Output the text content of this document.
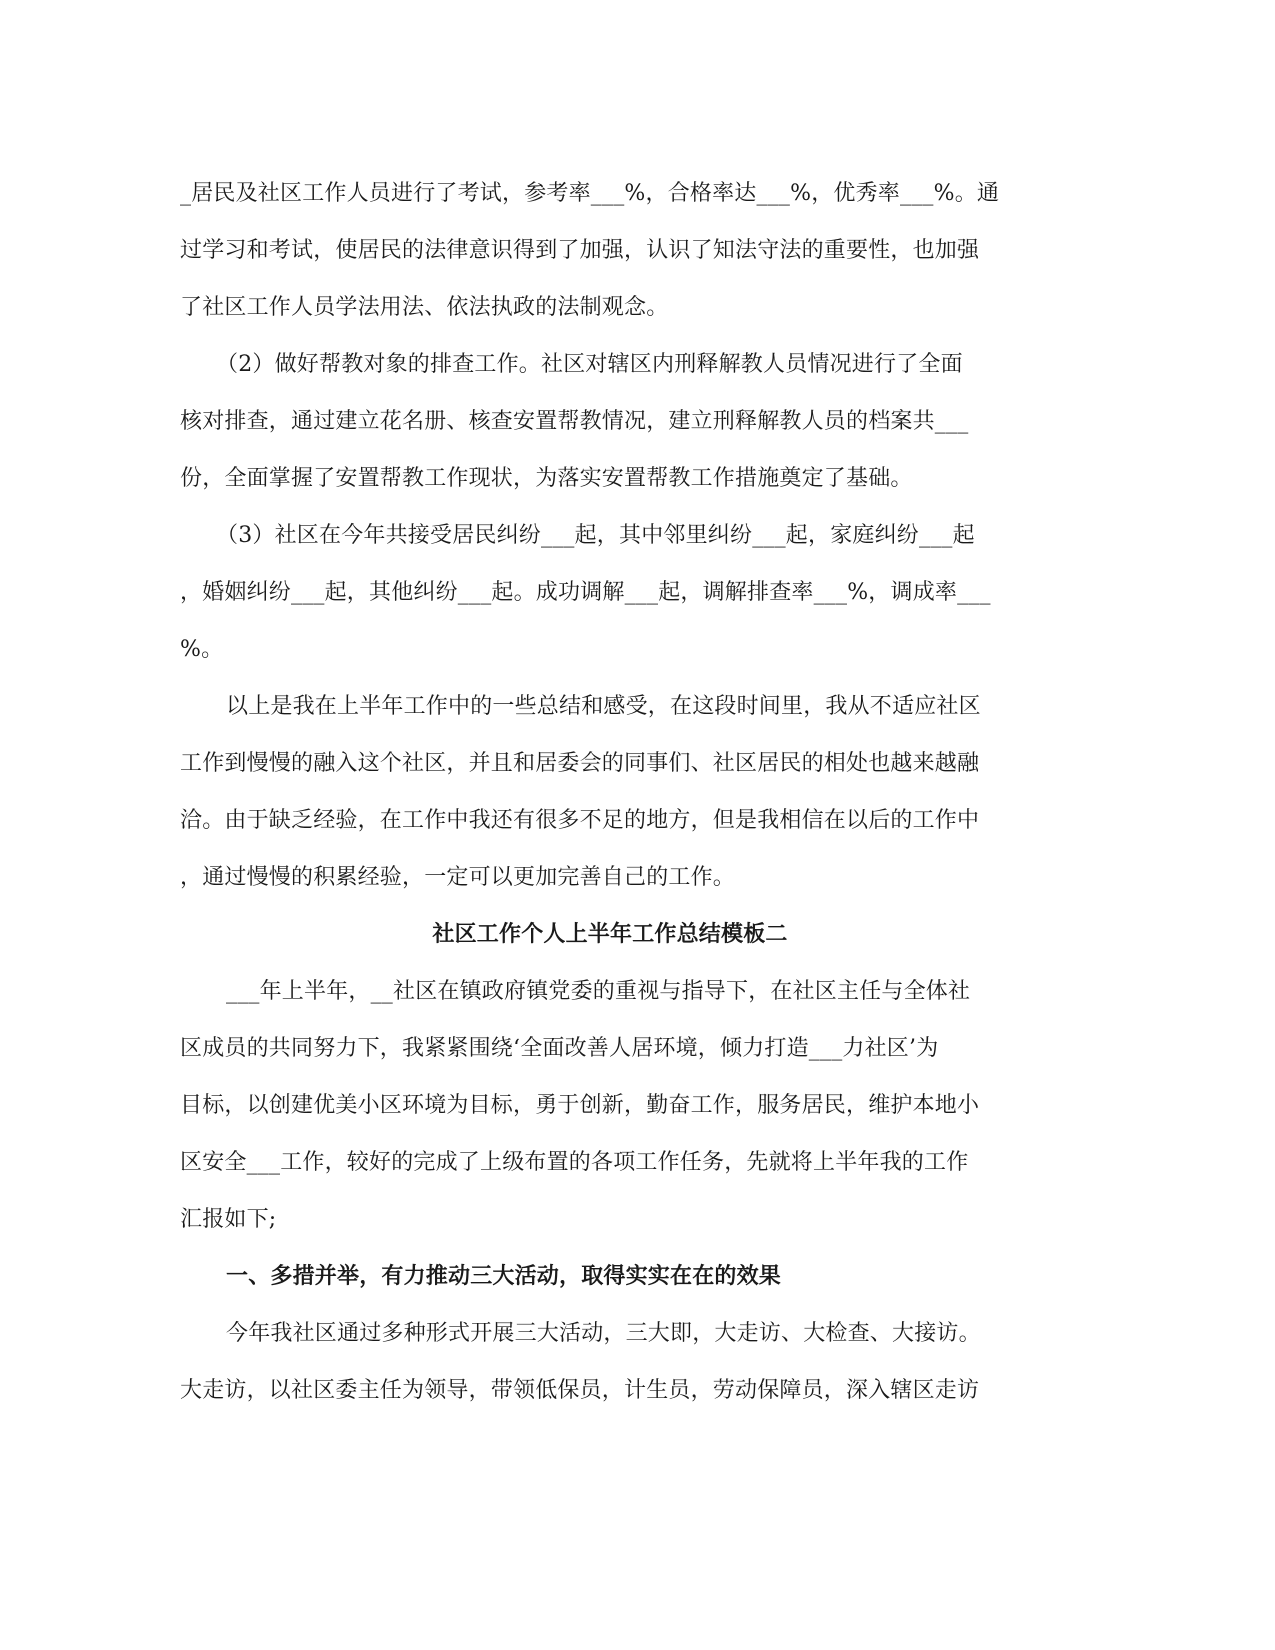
_居民及社区工作人员进行了考试，参考率___%，合格率达___%，优秀率___%。通
过学习和考试，使居民的法律意识得到了加强，认识了知法守法的重要性，也加强
了社区工作人员学法用法、依法执政的法制观念。
（2）做好帮教对象的排查工作。社区对辖区内刑释解教人员情况进行了全面
核对排查，通过建立花名册、核查安置帮教情况，建立刑释解教人员的档案共___
份，全面掌握了安置帮教工作现状，为落实安置帮教工作措施奠定了基础。
（3）社区在今年共接受居民纠纷___起，其中邻里纠纷___起，家庭纠纷___起
，婚姻纠纷___起，其他纠纷___起。成功调解___起，调解排查率___%，调成率___
%。
以上是我在上半年工作中的一些总结和感受，在这段时间里，我从不适应社区
工作到慢慢的融入这个社区，并且和居委会的同事们、社区居民的相处也越来越融
洽。由于缺乏经验，在工作中我还有很多不足的地方，但是我相信在以后的工作中
，通过慢慢的积累经验，一定可以更加完善自己的工作。
社区工作个人上半年工作总结模板二
___年上半年，__社区在镇政府镇党委的重视与指导下，在社区主任与全体社
区成员的共同努力下，我紧紧围绕‘全面改善人居环境，倾力打造___力社区’为
目标，以创建优美小区环境为目标，勇于创新，勤奋工作，服务居民，维护本地小
区安全___工作，较好的完成了上级布置的各项工作任务，先就将上半年我的工作
汇报如下;
一、多措并举，有力推动三大活动，取得实实在在的效果
今年我社区通过多种形式开展三大活动，三大即，大走访、大检查、大接访。
大走访，以社区委主任为领导，带领低保员，计生员，劳动保障员，深入辖区走访
